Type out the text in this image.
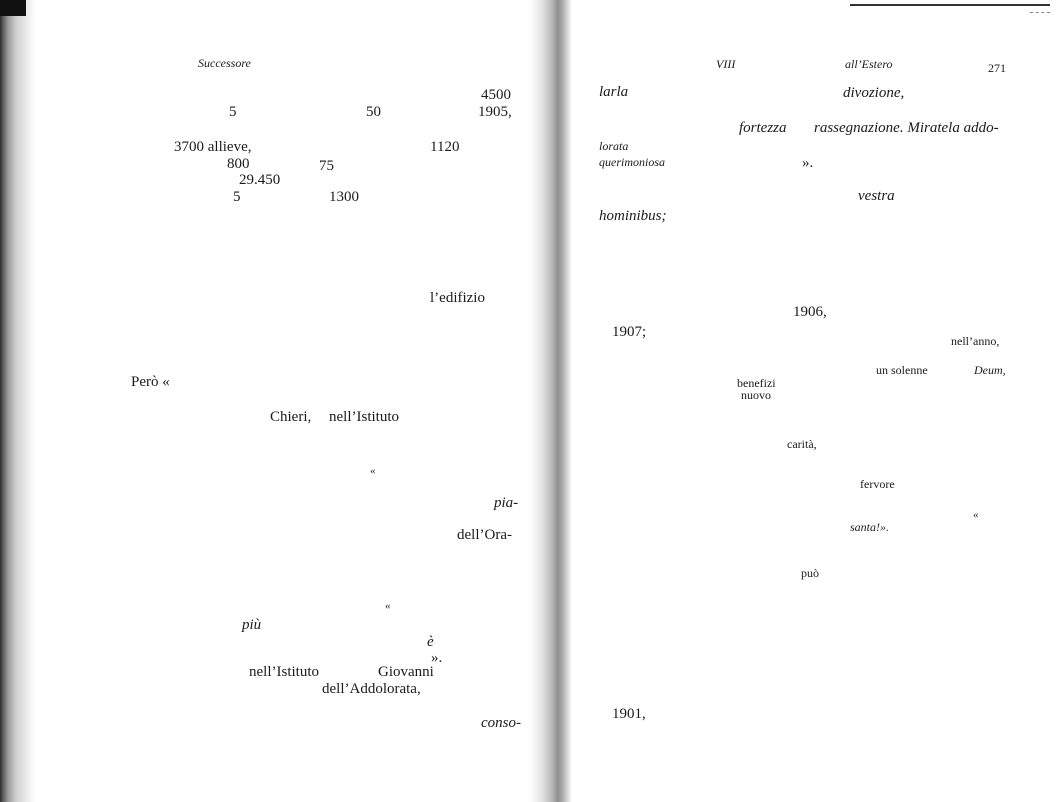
Successore
4500
5	50	1905,
3700 allieve,	1120
800	75
29.450
5	1300
l’edifizio
Però «
Chieri, nell’Istituto
«
pia-
dell’Ora-
«
più
è
».
nell’Istituto	Giovanni
dell’Addolorata,
conso-
VIII	all’Estero	271
larla	divozione,
fortezza rassegnazione. Miratela addo-
lorata
querimoniosa	».
vestra
hominibus;
1906,
1907;
nell’anno,
un solenne	Deum,
benefizi
nuovo
carità,
fervore
«
santa!».
può
1901,
